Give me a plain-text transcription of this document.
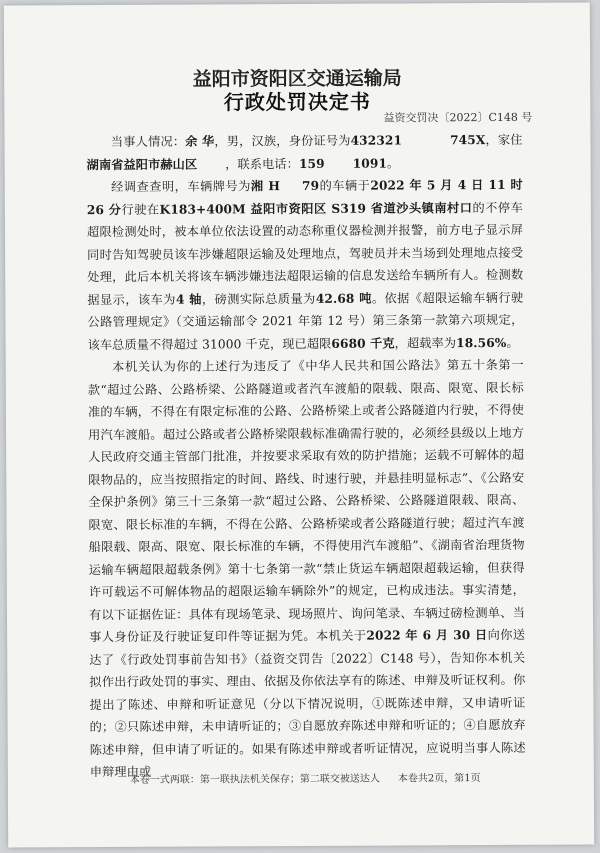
益阳市资阳区交通运输局
行政处罚决定书
益资交罚决〔2022〕C148 号

当事人情况：余 华，男，汉族，身份证号为432321	745X，家住湖南省益阳市赫山区 ，联系电话：159 1091。

经调查查明，车辆牌号为湘 H 79的车辆于2022 年 5 月 4 日 11 时 26 分行驶在K183+400M 益阳市资阳区 S319 省道沙头镇南村口的不停车超限检测处时，被本单位依法设置的动态称重仪器检测并报警，前方电子显示屏同时告知驾驶员该车涉嫌超限运输及处理地点，驾驶员并未当场到处理地点接受处理，此后本机关将该车辆涉嫌违法超限运输的信息发送给车辆所有人。检测数据显示，该车为4 轴，磅测实际总质量为42.68 吨。依据《超限运输车辆行驶公路管理规定》（交通运输部令 2021 年第 12 号）第三条第一款第六项规定，该车总质量不得超过 31000 千克，现已超限6680 千克，超载率为18.56%。

本机关认为你的上述行为违反了《中华人民共和国公路法》第五十条第一款“超过公路、公路桥梁、公路隧道或者汽车渡船的限载、限高、限宽、限长标准的车辆，不得在有限定标准的公路、公路桥梁上或者公路隧道内行驶，不得使用汽车渡船。超过公路或者公路桥梁限载标准确需行驶的，必须经县级以上地方人民政府交通主管部门批准，并按要求采取有效的防护措施；运载不可解体的超限物品的，应当按照指定的时间、路线、时速行驶，并悬挂明显标志”、《公路安全保护条例》第三十三条第一款“超过公路、公路桥梁、公路隧道限载、限高、限宽、限长标准的车辆，不得在公路、公路桥梁或者公路隧道行驶；超过汽车渡船限载、限高、限宽、限长标准的车辆，不得使用汽车渡船”、《湖南省治理货物运输车辆超限超载条例》第十七条第一款“禁止货运车辆超限超载运输，但获得许可载运不可解体物品的超限运输车辆除外”的规定，已构成违法。事实清楚，有以下证据佐证：具体有现场笔录、现场照片、询问笔录、车辆过磅检测单、当事人身份证及行驶证复印件等证据为凭。本机关于2022 年 6 月 30 日向你送达了《行政处罚事前告知书》（益资交罚告〔2022〕C148 号），告知你本机关拟作出行政处罚的事实、理由、依据及你依法享有的陈述、申辩及听证权利。你提出了陈述、申辩和听证意见（分以下情况说明，①既陈述申辩，又申请听证的；②只陈述申辩，未申请听证的；③自愿放弃陈述申辩和听证的；④自愿放弃陈述申辩，但申请了听证的。如果有陈述申辩或者听证情况，应说明当事人陈述申辩理由或

本卷一式两联：第一联执法机关保存；第二联交被送达人 本卷共2页，第1页
